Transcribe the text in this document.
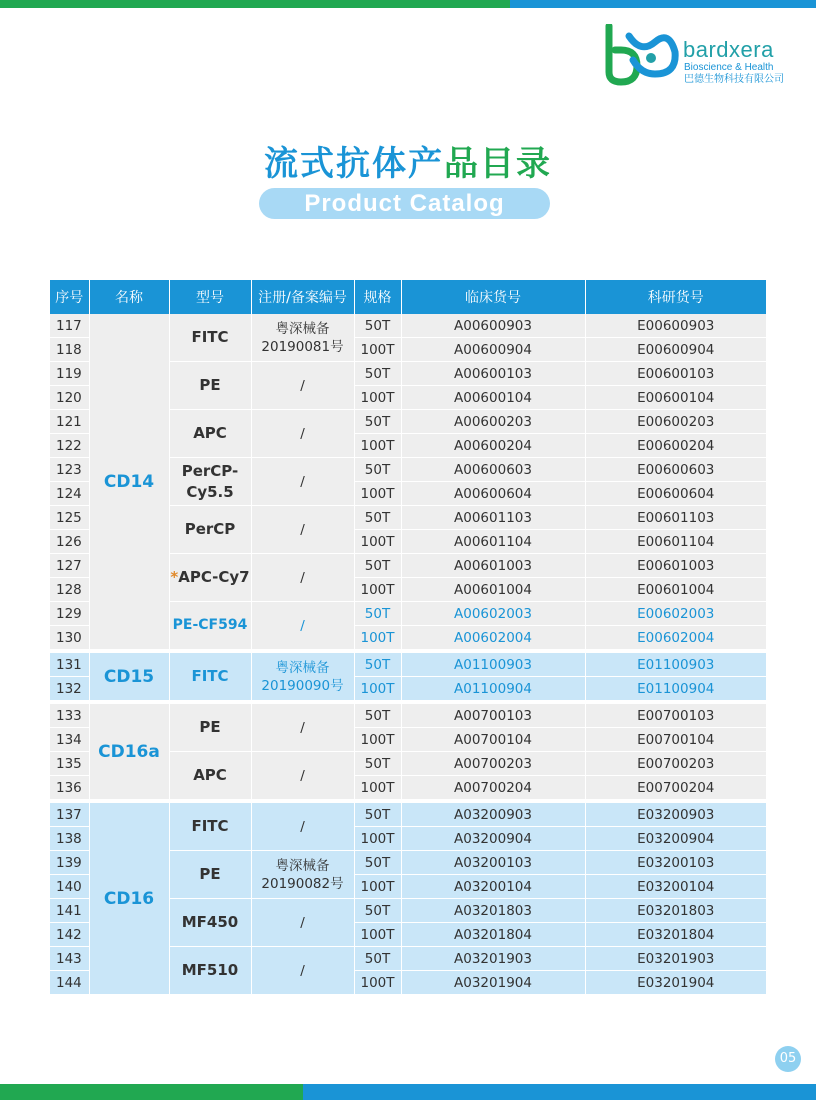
bardxera
Bioscience & Health
巴德生物科技有限公司
流式抗体产品目录
Product Catalog
序号	名称	型号	注册/备案编号	规格	临床货号	科研货号
117	CD14	FITC	粤深械备
20190081号	50T	A00600903	E00600903
118				100T	A00600904	E00600904
119		PE	/	50T	A00600103	E00600103
120				100T	A00600104	E00600104
121		APC	/	50T	A00600203	E00600203
122				100T	A00600204	E00600204
123		PerCP-
Cy5.5	/	50T	A00600603	E00600603
124				100T	A00600604	E00600604
125		PerCP	/	50T	A00601103	E00601103
126				100T	A00601104	E00601104
127		*APC-Cy7	/	50T	A00601003	E00601003
128				100T	A00601004	E00601004
129		PE-CF594	/	50T	A00602003	E00602003
130				100T	A00602004	E00602004

131	CD15	FITC	粤深械备
20190090号	50T	A01100903	E01100903
132				100T	A01100904	E01100904

133	CD16a	PE	/	50T	A00700103	E00700103
134				100T	A00700104	E00700104
135		APC	/	50T	A00700203	E00700203
136				100T	A00700204	E00700204

137	CD16	FITC	/	50T	A03200903	E03200903
138				100T	A03200904	E03200904
139		PE	粤深械备
20190082号	50T	A03200103	E03200103
140				100T	A03200104	E03200104
141		MF450	/	50T	A03201803	E03201803
142				100T	A03201804	E03201804
143		MF510	/	50T	A03201903	E03201903
144				100T	A03201904	E03201904
05
